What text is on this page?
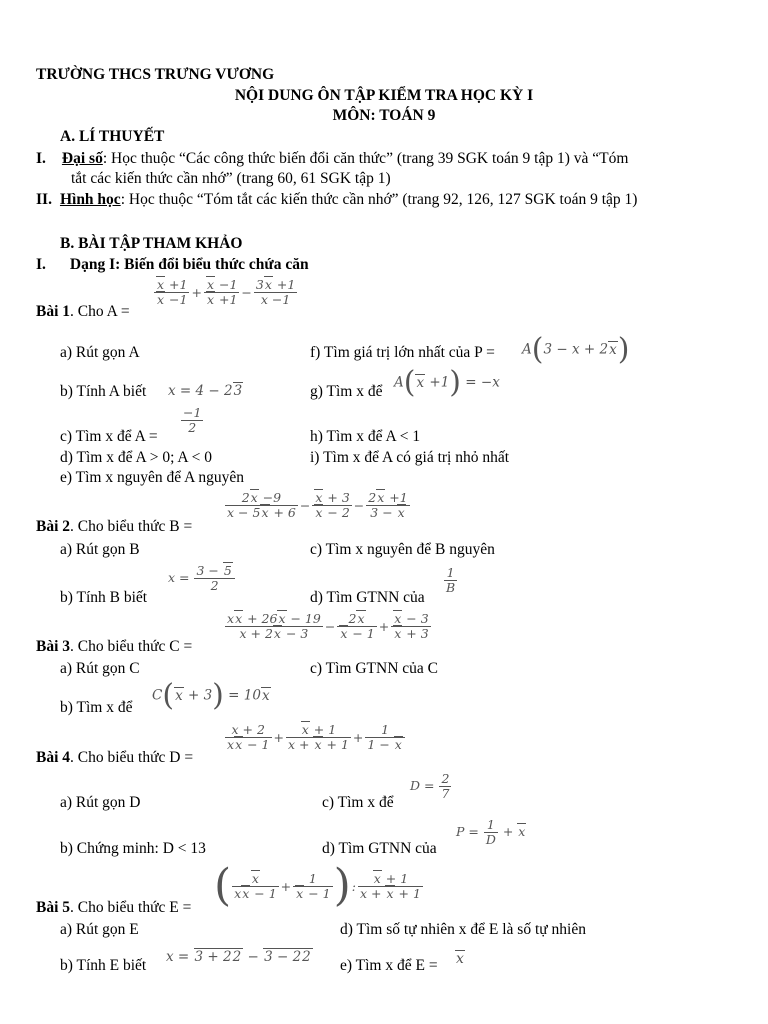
TRƯỜNG THCS TRƯNG VƯƠNG
NỘI DUNG ÔN TẬP KIỂM TRA HỌC KỲ I
MÔN: TOÁN 9
A. LÍ THUYẾT
I. Đại số: Học thuộc “Các công thức biến đổi căn thức” (trang 39 SGK toán 9 tập 1) và “Tóm
tắt các kiến thức cần nhớ” (trang 60, 61 SGK tập 1)
II. Hình học: Học thuộc “Tóm tắt các kiến thức cần nhớ” (trang 92, 126, 127 SGK toán 9 tập 1)
B. BÀI TẬP THAM KHẢO
I. Dạng I: Biến đổi biểu thức chứa căn
Bài 1. Cho A =
$\frac{x +1}{x -1} + \frac{x -1}{x +1} - \frac{3x +1}{x -1}$
a) Rút gọn A	f) Tìm giá trị lớn nhất của P = A(3 − x + 2x)
b) Tính A biết x = 4 − 23	g) Tìm x để
A(x +1) = −x
c) Tìm x để A =
$\frac{-1}{2}$
h) Tìm x để A < 1
d) Tìm x để A > 0; A < 0	i) Tìm x để A có giá trị nhỏ nhất
e) Tìm x nguyên để A nguyên
Bài 2. Cho biểu thức B =
$\frac{2x -9}{x - 5x + 6} - \frac{x + 3}{x - 2} - \frac{2x +1}{3 - x}$
a) Rút gọn B	c) Tìm x nguyên để B nguyên
b) Tính B biết
$x = \frac{3 - 5}{2}$
d) Tìm GTNN của
$\frac{1}{B}$
Bài 3. Cho biểu thức C =
$\frac{xx + 26x - 19}{x + 2x - 3} - \frac{2x}{x - 1} + \frac{x - 3}{x + 3}$
a) Rút gọn C	c) Tìm GTNN của C
b) Tìm x để
C(x + 3) = 10x
Bài 4. Cho biểu thức D =
$\frac{x + 2}{xx - 1} + \frac{x + 1}{x + x + 1} + \frac{1}{1 - x}$
a) Rút gọn D	c) Tìm x để
$D = \frac{2}{7}$
b) Chứng minh: D < 13	d) Tìm GTNN của
$P = \frac{1}{D} + x$
Bài 5. Cho biểu thức E = ( $\frac{x}{xx - 1} + \frac{1}{x - 1}$ ): $\frac{x + 1}{x + x + 1}$
a) Rút gọn E	d) Tìm số tự nhiên x để E là số tự nhiên
b) Tính E biết x = 3 + 22 − 3 − 22 e) Tìm x để E = x
